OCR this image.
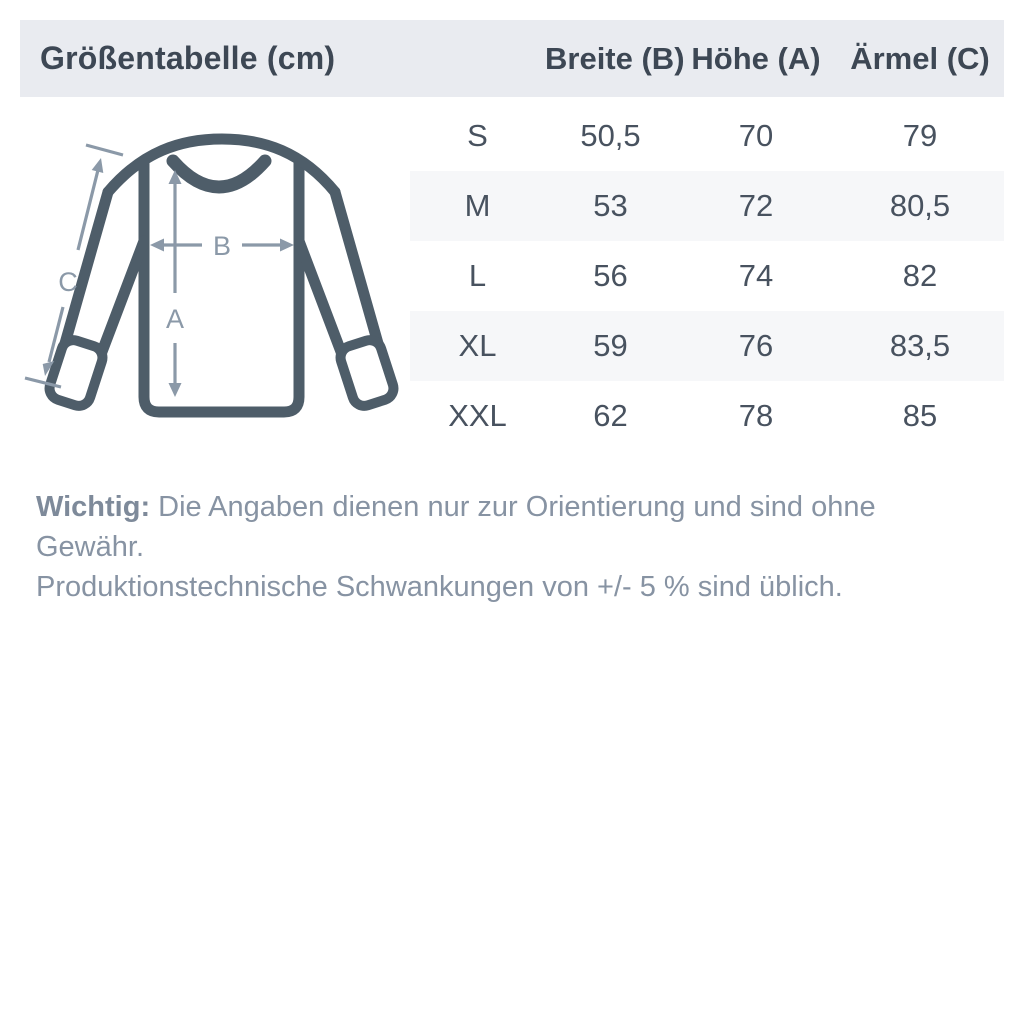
Größentabelle (cm)	Breite (B) Höhe (A) Ärmel (C)
A
B
C
S	50,5	70	79
M	53	72	80,5
L	56	74	82
XL	59	76	83,5
XXL	62	78	85

Wichtig: Die Angaben dienen nur zur Orientierung und sind ohne Gewähr.
Produktionstechnische Schwankungen von +/- 5 % sind üblich.
